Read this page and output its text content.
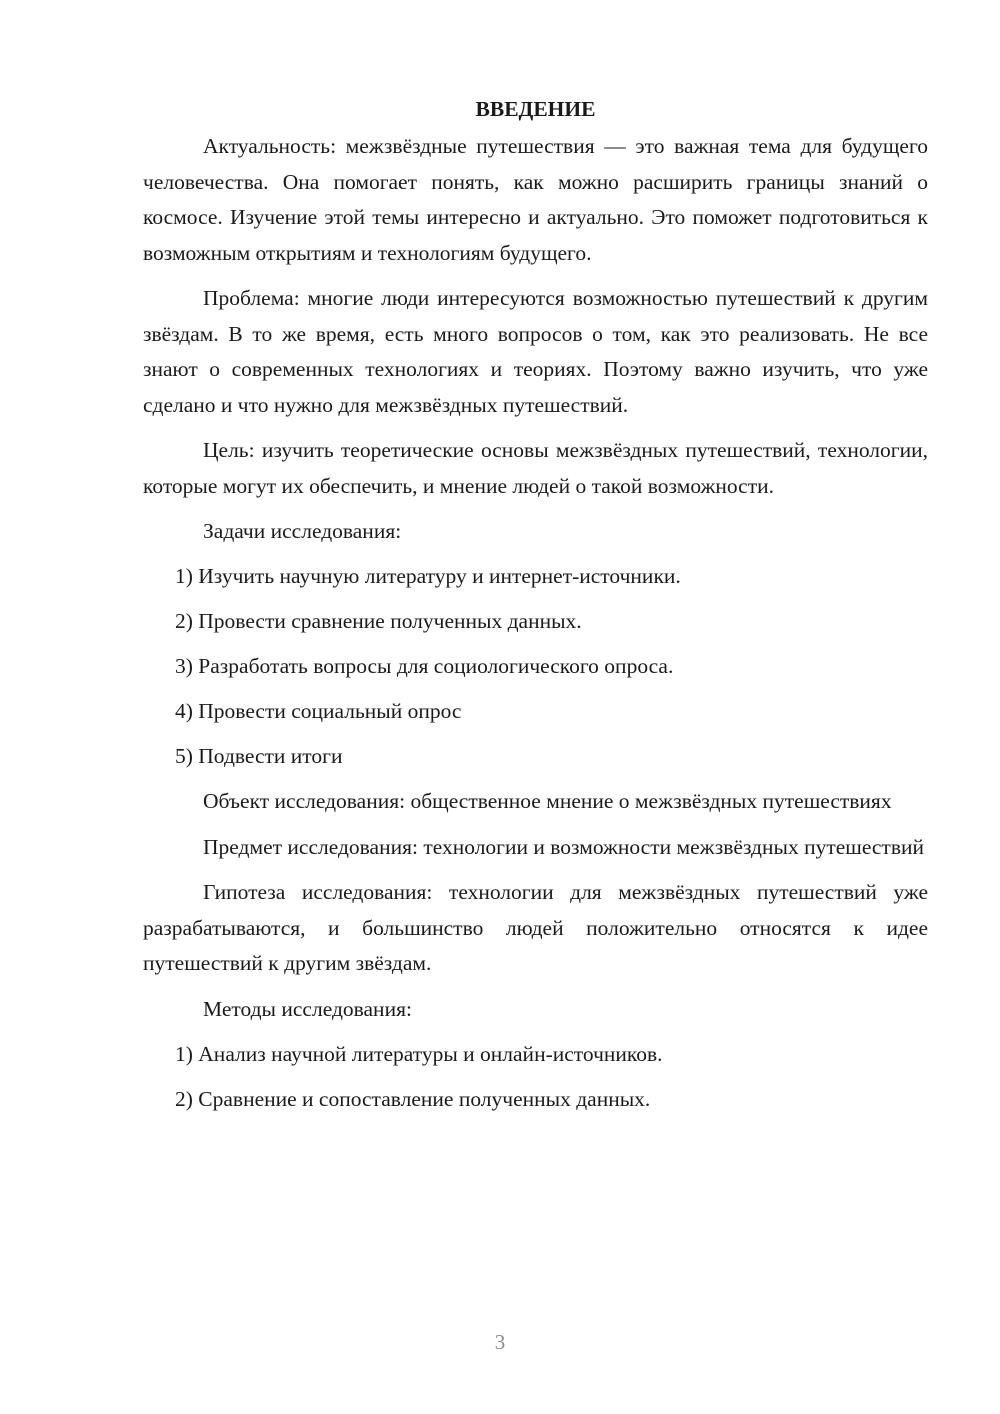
ВВЕДЕНИЕ

Актуальность: межзвёздные путешествия — это важная тема для будущего человечества. Она помогает понять, как можно расширить границы знаний о космосе. Изучение этой темы интересно и актуально. Это поможет подготовиться к возможным открытиям и технологиям будущего.

Проблема: многие люди интересуются возможностью путешествий к другим звёздам. В то же время, есть много вопросов о том, как это реализовать. Не все знают о современных технологиях и теориях. Поэтому важно изучить, что уже сделано и что нужно для межзвёздных путешествий.

Цель: изучить теоретические основы межзвёздных путешествий, технологии, которые могут их обеспечить, и мнение людей о такой возможности.

Задачи исследования:
1) Изучить научную литературу и интернет-источники.
2) Провести сравнение полученных данных.
3) Разработать вопросы для социологического опроса.
4) Провести социальный опрос
5) Подвести итоги

Объект исследования: общественное мнение о межзвёздных путешествиях

Предмет исследования: технологии и возможности межзвёздных путешествий

Гипотеза исследования: технологии для межзвёздных путешествий уже разрабатываются, и большинство людей положительно относятся к идее путешествий к другим звёздам.

Методы исследования:
1) Анализ научной литературы и онлайн-источников.
2) Сравнение и сопоставление полученных данных.
3
